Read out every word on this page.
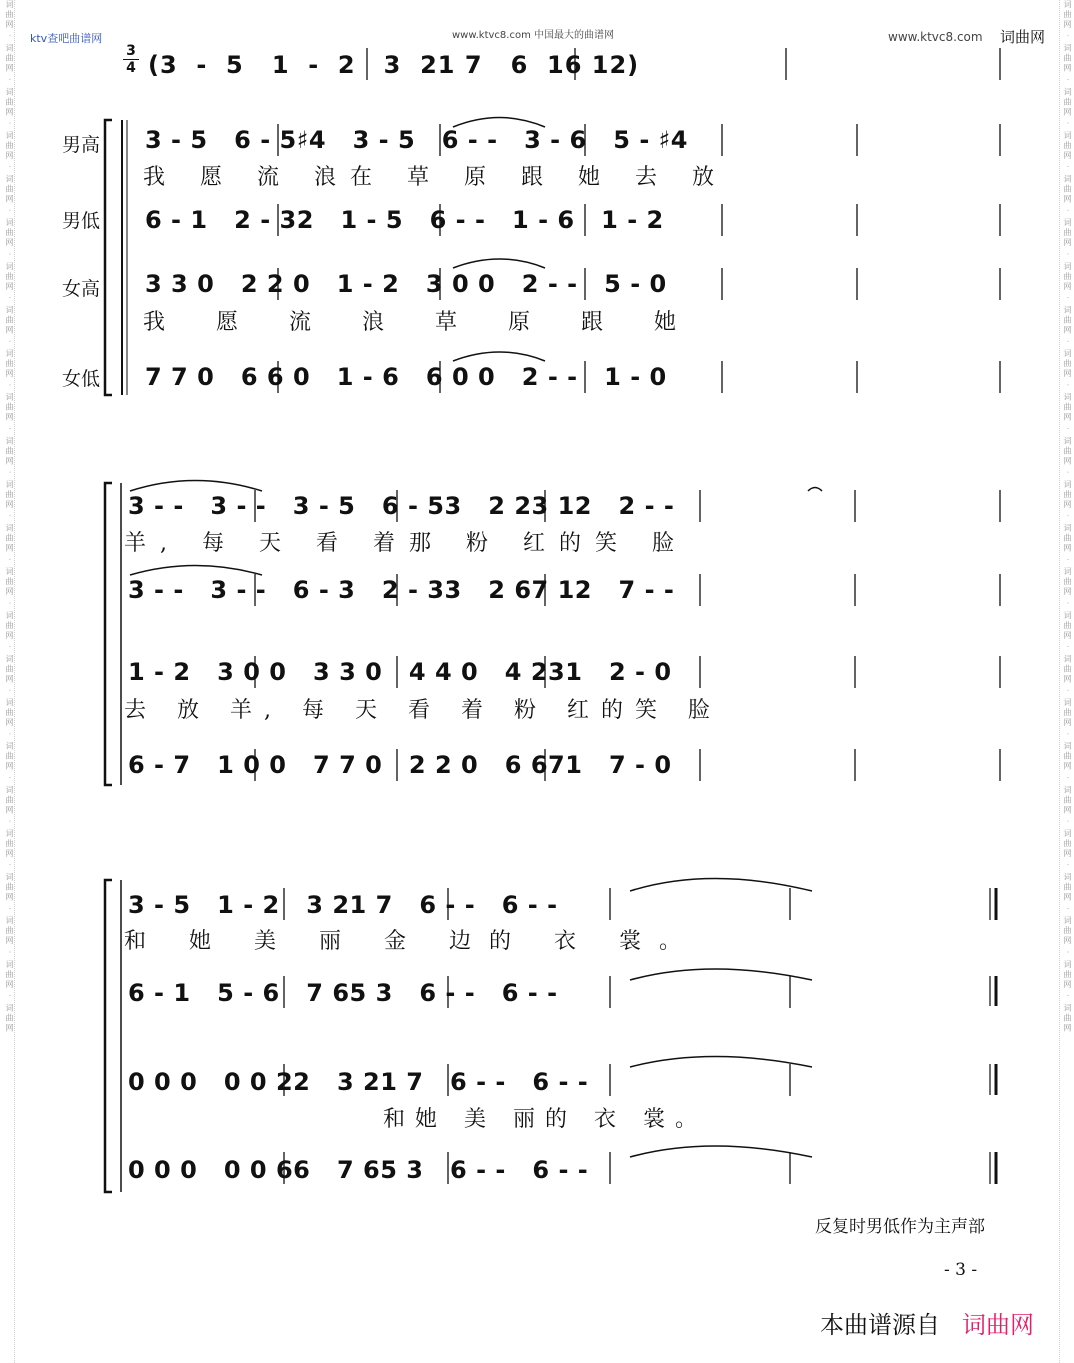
词曲网 · 词曲网 · 词曲网 · 词曲网 · 词曲网 · 词曲网 · 词曲网 · 词曲网 · 词曲网 · 词曲网 · 词曲网 · 词曲网 · 词曲网 · 词曲网 · 词曲网 · 词曲网 · 词曲网 · 词曲网 · 词曲网 · 词曲网 · 词曲网 · 词曲网 · 词曲网 · 词曲网
词曲网 · 词曲网 · 词曲网 · 词曲网 · 词曲网 · 词曲网 · 词曲网 · 词曲网 · 词曲网 · 词曲网 · 词曲网 · 词曲网 · 词曲网 · 词曲网 · 词曲网 · 词曲网 · 词曲网 · 词曲网 · 词曲网 · 词曲网 · 词曲网 · 词曲网 · 词曲网 · 词曲网
ktv查吧曲谱网	www.ktvc8.com 中国最大的曲谱网	www.ktvc8.com 词曲网
3
4 (3  -  5   1  -  2   3  21 7   6  16 12)
男高
男低
女高
女低
3 - 5   6 - 5♯4   3 - 5   6 - -   3 - 6   5 - ♯4
我 愿 流 浪在 草 原 跟 她 去 放
6 - 1   2 - 32   1 - 5   6 - -   1 - 6   1 - 2
3 3 0   2 2 0   1 - 2   3 0 0   2 - -   5 - 0
我 愿 流 浪 草 原 跟 她
7 7 0   6 6 0   1 - 6   6 0 0   2 - -   1 - 0
3 - -   3 - -   3 - 5   6 - 53   2 23 12   2 - -
羊, 每 天 看 着那 粉 红的笑 脸
3 - -   3 - -   6 - 3   2 - 33   2 67 12   7 - -
1 - 2   3 0 0   3 3 0   4 4 0   4 231   2 - 0
去 放 羊, 每 天 看 着 粉 红的笑 脸
6 - 7   1 0 0   7 7 0   2 2 0   6 671   7 - 0
3 - 5   1 - 2   3 21 7   6 - -   6 - -
和 她 美 丽 金 边的 衣 裳。
6 - 1   5 - 6   7 65 3   6 - -   6 - -
0 0 0   0 0 22   3 21 7   6 - -   6 - -
和她 美 丽的 衣 裳。
0 0 0   0 0 66   7 65 3   6 - -   6 - -
反复时男低作为主声部
- 3 -
本曲谱源自 词曲网
